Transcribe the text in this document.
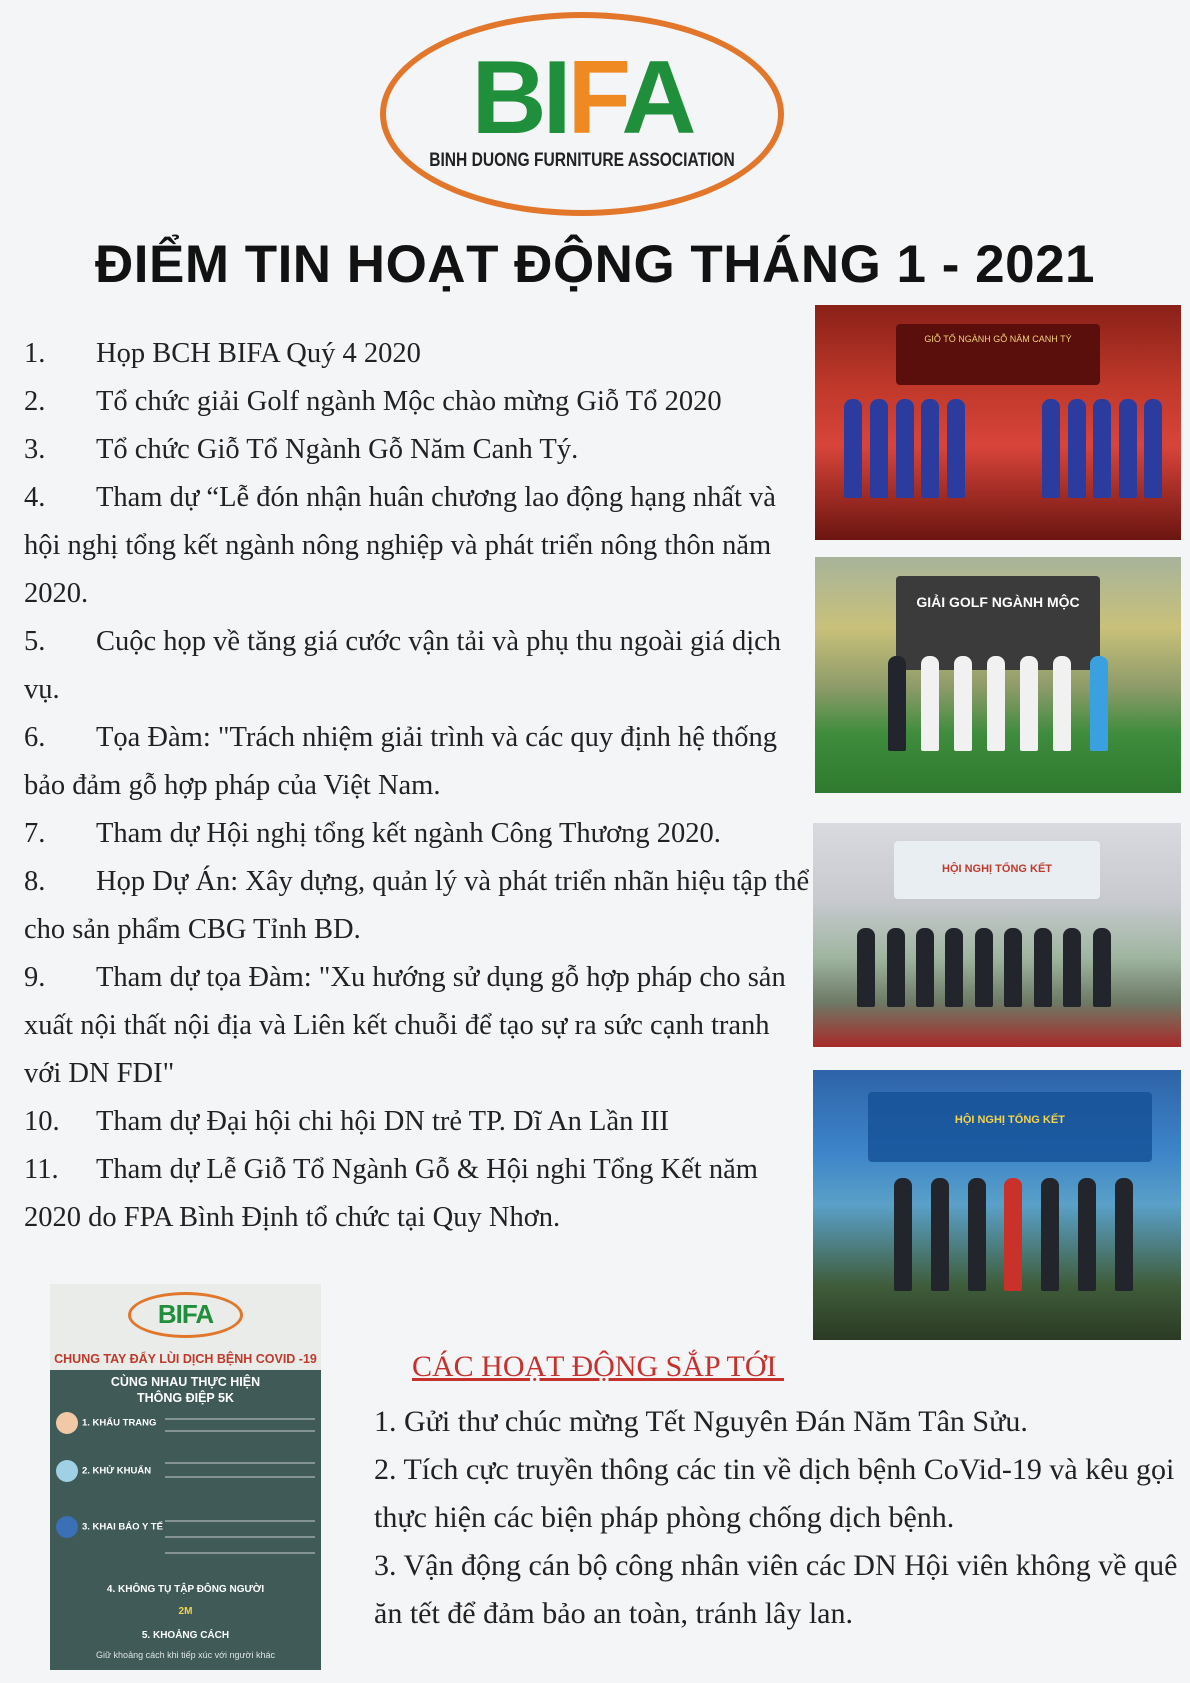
BIFA
BINH DUONG FURNITURE ASSOCIATION
ĐIỂM TIN HOẠT ĐỘNG THÁNG 1 - 2021
1. Họp BCH BIFA Quý 4 2020
2. Tổ chức giải Golf ngành Mộc chào mừng Giỗ Tổ 2020
3. Tổ chức Giỗ Tổ Ngành Gỗ Năm Canh Tý.
4. Tham dự “Lễ đón nhận huân chương lao động hạng nhất và hội nghị tổng kết ngành nông nghiệp và phát triển nông thôn năm 2020.
5. Cuộc họp về tăng giá cước vận tải và phụ thu ngoài giá dịch vụ.
6. Tọa Đàm: "Trách nhiệm giải trình và các quy định hệ thống bảo đảm gỗ hợp pháp của Việt Nam.
7. Tham dự Hội nghị tổng kết ngành Công Thương 2020.
8. Họp Dự Án: Xây dựng, quản lý và phát triển nhãn hiệu tập thể cho sản phẩm CBG Tỉnh BD.
9. Tham dự tọa Đàm: "Xu hướng sử dụng gỗ hợp pháp cho sản xuất nội thất nội địa và Liên kết chuỗi để tạo sự ra sức cạnh tranh với DN FDI"
10. Tham dự Đại hội chi hội DN trẻ TP. Dĩ An Lần III
11. Tham dự Lễ Giỗ Tổ Ngành Gỗ & Hội nghi Tổng Kết năm 2020 do FPA Bình Định tổ chức tại Quy Nhơn.
GIỖ TỔ NGÀNH GỖ NĂM CANH TÝ
GIẢI GOLF NGÀNH MỘC
HỘI NGHỊ TỔNG KẾT
HỘI NGHỊ TỔNG KẾT
BIFA
CHUNG TAY ĐẨY LÙI DỊCH BỆNH COVID -19
CÙNG NHAU THỰC HIỆN
THÔNG ĐIỆP 5K
1. KHẨU TRANG
2. KHỬ KHUẨN
3. KHAI BÁO Y TẾ
4. KHÔNG TỤ TẬP ĐÔNG NGƯỜI
2M
5. KHOẢNG CÁCH
Giữ khoảng cách khi tiếp xúc với người khác
CÁC HOẠT ĐỘNG SẮP TỚI
1. Gửi thư chúc mừng Tết Nguyên Đán Năm Tân Sửu.
2. Tích cực truyền thông các tin về dịch bệnh CoVid-19 và kêu gọi thực hiện các biện pháp phòng chống dịch bệnh.
3. Vận động cán bộ công nhân viên các DN Hội viên không về quê ăn tết để đảm bảo an toàn, tránh lây lan.
